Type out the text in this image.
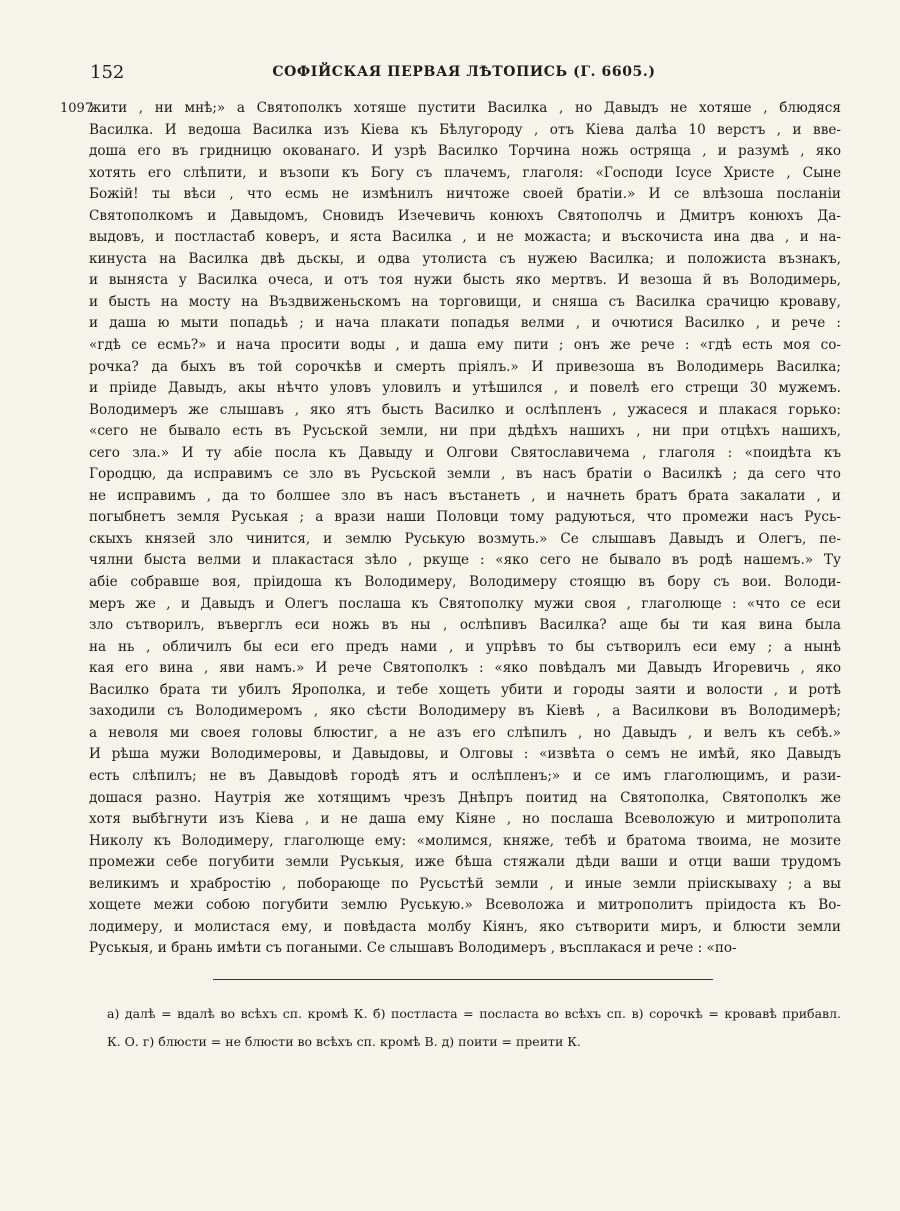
152	СОФІЙСКАЯ ПЕРВАЯ ЛѢТОПИСЬ (Г. 6605.)
жити , ни мнѣ;» а Святополкъ хотяше пустити Василка , но Давыдъ не хотяше , блюдяся
1097
Василка. И ведоша Василка изъ Кіева къ Бѣлугороду , отъ Кіева далѣа 10 верстъ , и вве-
доша его въ гридницю окованаго. И узрѣ Василко Торчина ножь остряща , и разумѣ , яко
хотять его слѣпити, и възопи къ Богу съ плачемъ, глаголя: «Господи Ісусе Христе , Сыне
Божій! ты вѣси , что есмь не измѣнилъ ничтоже своей братіи.» И се влѣзоша посланіи
Святополкомъ и Давыдомъ, Сновидъ Изечевичь конюхъ Святополчь и Дмитръ конюхъ Да-
выдовъ, и постластаб коверъ, и яста Василка , и не можаста; и въскочиста ина два , и на-
кинуста на Василка двѣ дьскы, и одва утолиста съ нужею Василка; и положиста възнакъ,
и выняста у Василка очеса, и отъ тоя нужи бысть яко мертвъ. И везоша й въ Володимерь,
и бысть на мосту на Въздвиженьскомъ на торговищи, и сняша съ Василка срачицю кроваву,
и даша ю мыти попадьѣ ; и нача плакати попадья велми , и очютися Василко , и рече :
«гдѣ се есмь?» и нача просити воды , и даша ему пити ; онъ же рече : «гдѣ есть моя со-
рочка? да быхъ въ той сорочкѣв и смерть пріялъ.» И привезоша въ Володимерь Василка;
и пріиде Давыдъ, акы нѣчто уловъ уловилъ и утѣшился , и повелѣ его стрещи 30 мужемъ.
Володимеръ же слышавъ , яко ятъ бысть Василко и ослѣпленъ , ужасеся и плакася горько:
«сего не бывало есть въ Русьской земли, ни при дѣдѣхъ нашихъ , ни при отцѣхъ нашихъ,
сего зла.» И ту абіе посла къ Давыду и Олгови Святославичема , глаголя : «поидѣта къ
Городцю, да исправимъ се зло въ Русьской земли , въ насъ братіи о Василкѣ ; да сего что
не исправимъ , да то болшее зло въ насъ въстанеть , и начнеть братъ брата закалати , и
погыбнетъ земля Руськая ; а врази наши Половци тому радуються, что промежи насъ Русь-
скыхъ князей зло чинится, и землю Руськую возмуть.» Се слышавъ Давыдъ и Олегъ, пе-
чялни быста велми и плакастася зѣло , ркуще : «яко сего не бывало въ родѣ нашемъ.» Ту
абіе собравше воя, пріидоша къ Володимеру, Володимеру стоящю въ бору съ вои. Володи-
меръ же , и Давыдъ и Олегъ послаша къ Святополку мужи своя , глаголюще : «что се еси
зло сътворилъ, въверглъ еси ножь въ ны , ослѣпивъ Василка? аще бы ти кая вина была
на нь , обличилъ бы еси его предъ нами , и упрѣвъ то бы сътворилъ еси ему ; а нынѣ
кая его вина , яви намъ.» И рече Святополкъ : «яко повѣдалъ ми Давыдъ Игоревичь , яко
Василко брата ти убилъ Ярополка, и тебе хощеть убити и городы заяти и волости , и ротѣ
заходили съ Володимеромъ , яко сѣсти Володимеру въ Кіевѣ , а Василкови въ Володимерѣ;
а неволя ми своея головы блюстиг, а не азъ его слѣпилъ , но Давыдъ , и велъ къ себѣ.»
И рѣша мужи Володимеровы, и Давыдовы, и Олговы : «извѣта о семъ не имѣй, яко Давыдъ
есть слѣпилъ; не въ Давыдовѣ городѣ ятъ и ослѣпленъ;» и се имъ глаголющимъ, и рази-
дошася разно. Наутрія же хотящимъ чрезъ Днѣпръ поитид на Святополка, Святополкъ же
хотя выбѣгнути изъ Кіева , и не даша ему Кіяне , но послаша Всеволожую и митрополита
Николу къ Володимеру, глаголюще ему: «молимся, княже, тебѣ и братома твоима, не мозите
промежи себе погубити земли Руськыя, иже бѣша стяжали дѣди ваши и отци ваши трудомъ
великимъ и храбростію , поборающе по Русьстѣй земли , и иные земли пріискываху ; а вы
хощете межи собою погубити землю Руськую.» Всеволожа и митрополитъ пріидоста къ Во-
лодимеру, и молистася ему, и повѣдаста молбу Кіянъ, яко сътворити миръ, и блюсти земли
Руськыя, и брань имѣти съ погаными. Се слышавъ Володимеръ , въсплакася и рече : «по-
а) далѣ = вдалѣ во всѣхъ сп. кромѣ К. б) постласта = посласта во всѣхъ сп. в) сорочкѣ = кровавѣ прибавл.
К. О. г) блюсти = не блюсти во всѣхъ сп. кромѣ В. д) поити = преити К.
